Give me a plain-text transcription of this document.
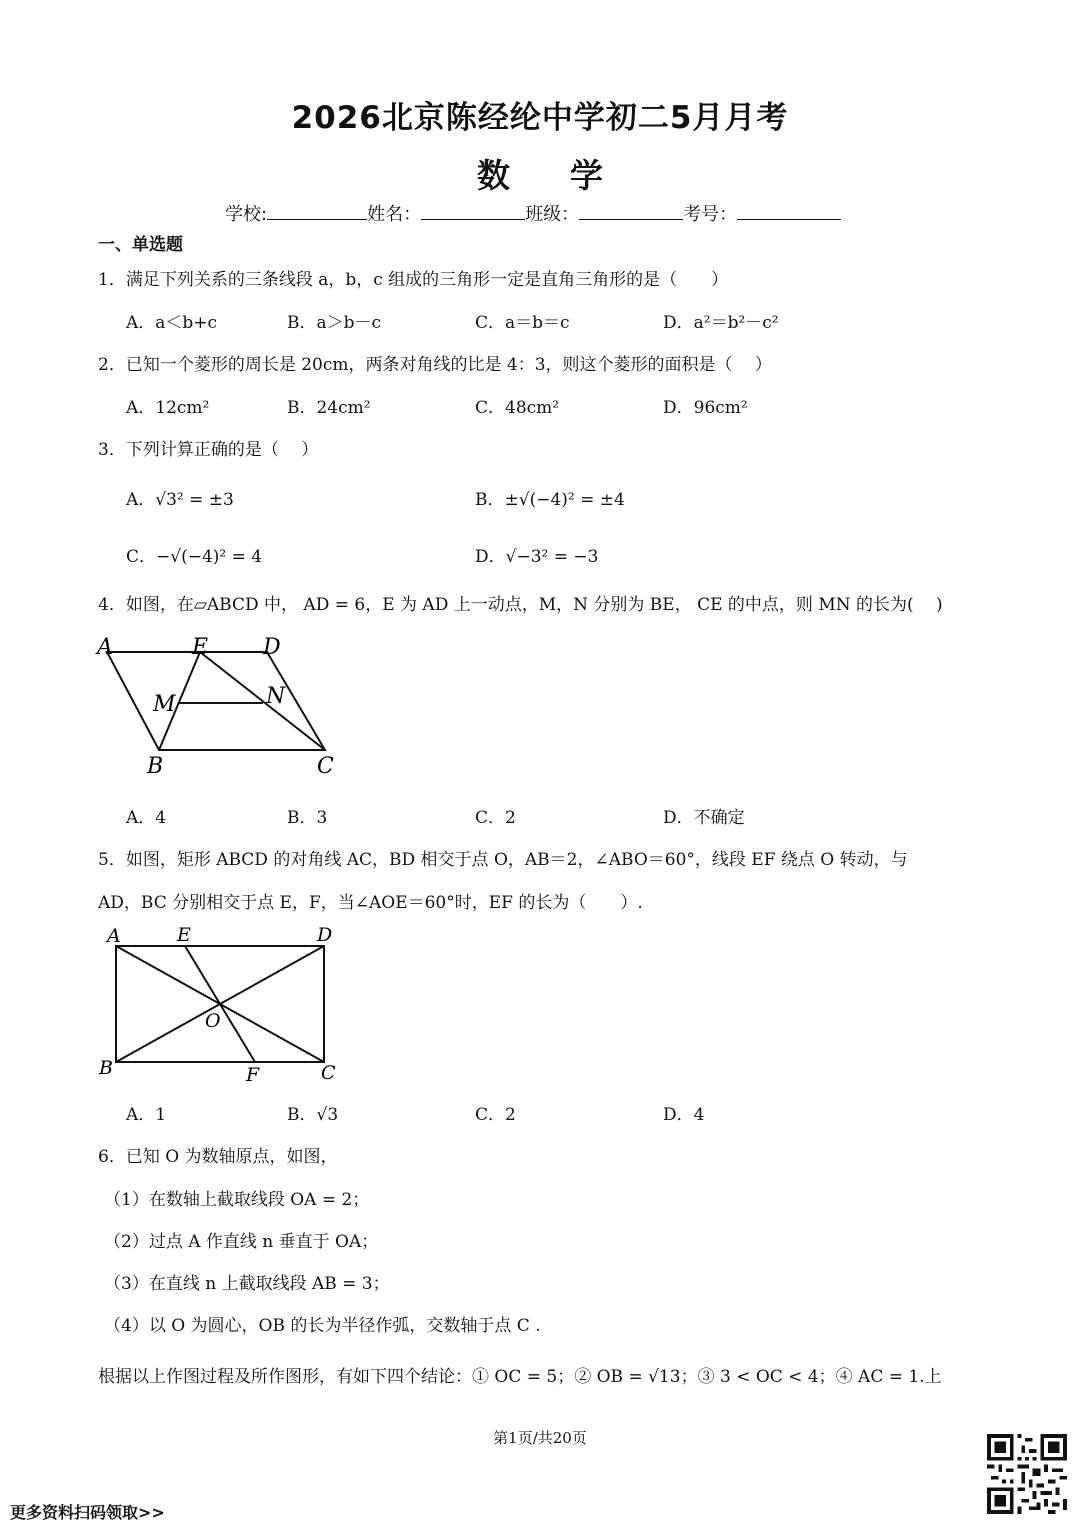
2026北京陈经纶中学初二5月月考
数学
学校:	姓名：	班级：	考号：
一、单选题
1．满足下列关系的三条线段 a，b，c 组成的三角形一定是直角三角形的是（　　）
A．a＜b+c	B．a＞b－c	C．a＝b＝c	D．a²＝b²－c²
2．已知一个菱形的周长是 20cm，两条对角线的比是 4：3，则这个菱形的面积是（　 ）
A．12cm²	B．24cm²	C．48cm²	D．96cm²
3．下列计算正确的是（　 ）
A．√3² = ±3	B．±√(−4)² = ±4
C．−√(−4)² = 4	D．√−3² = −3
4．如图，在▱ABCD 中， AD = 6，E 为 AD 上一动点，M，N 分别为 BE， CE 的中点，则 MN 的长为(　 )
A	E D
M	N
B	C
A．4	B．3	C．2	D．不确定
5．如图，矩形 ABCD 的对角线 AC，BD 相交于点 O，AB＝2，∠ABO＝60°，线段 EF 绕点 O 转动，与
AD，BC 分别相交于点 E，F，当∠AOE＝60°时，EF 的长为（　　）.
A	E	D
O
B	F	C
A．1	B．√3	C．2	D．4
6．已知 O 为数轴原点，如图，
（1）在数轴上截取线段 OA = 2；
（2）过点 A 作直线 n 垂直于 OA；
（3）在直线 n 上截取线段 AB = 3；
（4）以 O 为圆心，OB 的长为半径作弧，交数轴于点 C .
根据以上作图过程及所作图形，有如下四个结论：① OC = 5；② OB = √13；③ 3 < OC < 4；④ AC = 1.上
第1页/共20页
更多资料扫码领取>>
